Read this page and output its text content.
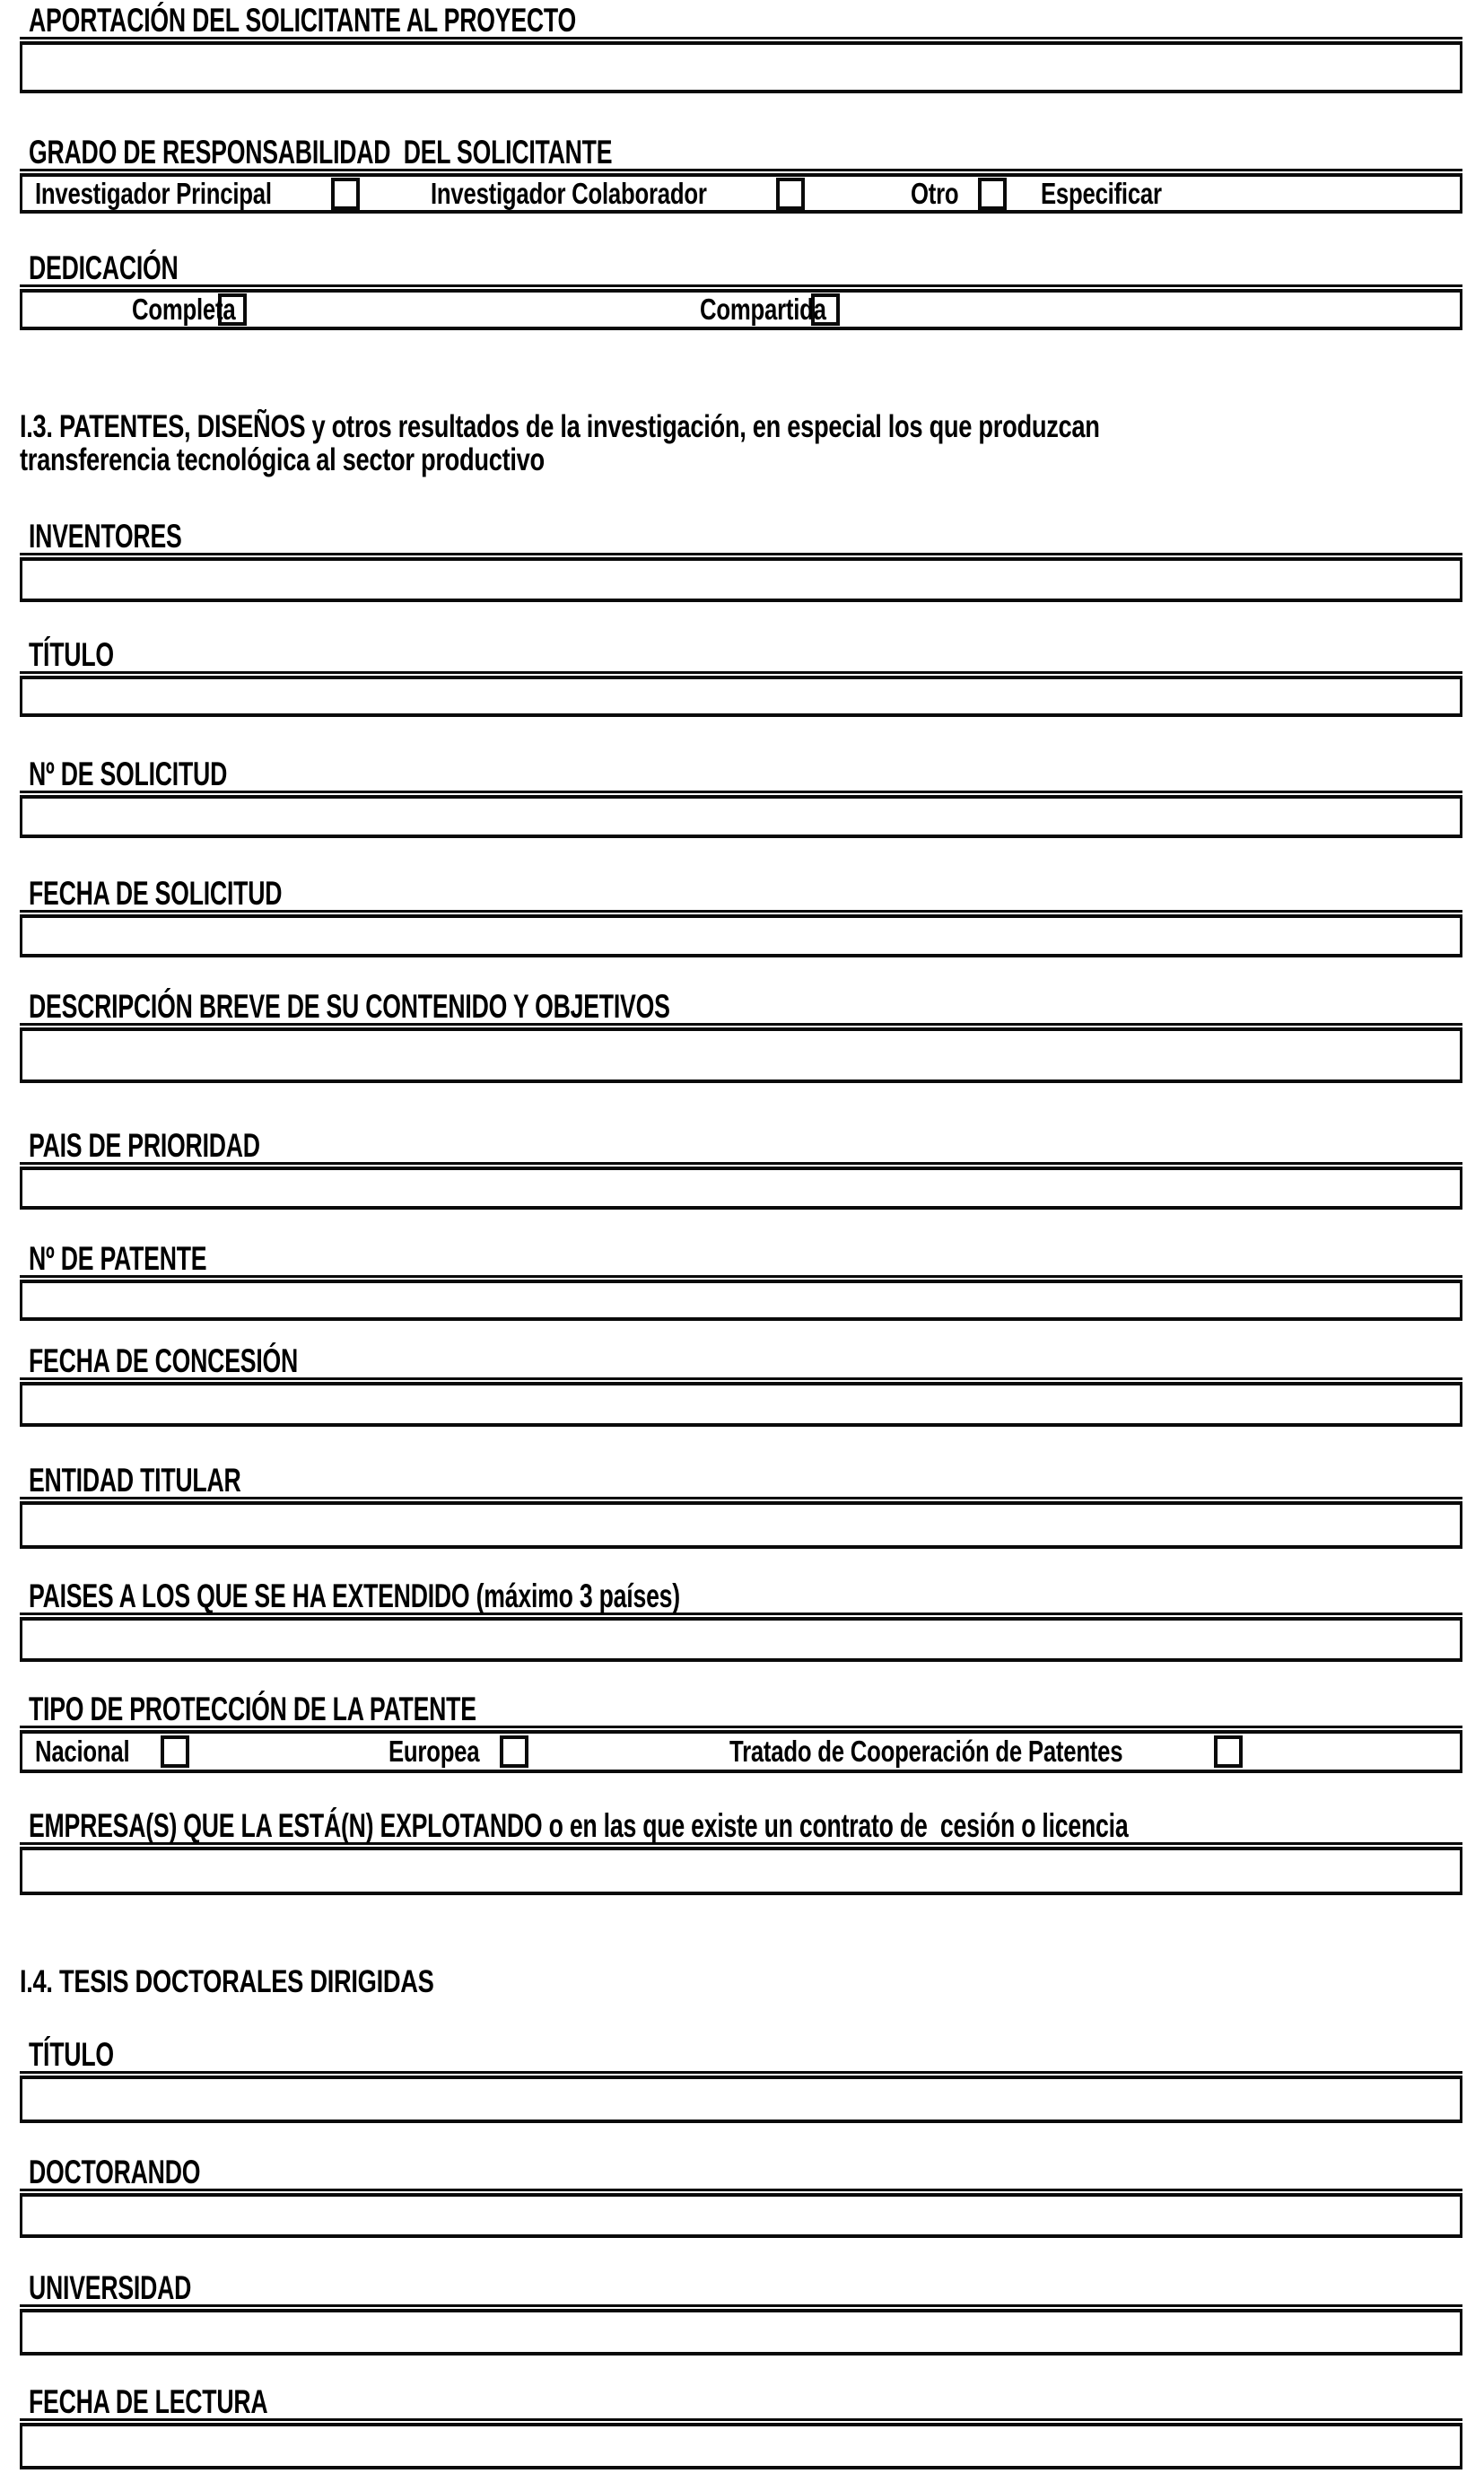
APORTACIÓN DEL SOLICITANTE AL PROYECTO
GRADO DE RESPONSABILIDAD  DEL SOLICITANTE
Investigador Principal	Investigador Colaborador	Otro	Especificar
DEDICACIÓN
Completa	Compartida
I.3. PATENTES, DISEÑOS y otros resultados de la investigación, en especial los que produzcan
transferencia tecnológica al sector productivo
INVENTORES
TÍTULO
Nº DE SOLICITUD
FECHA DE SOLICITUD
DESCRIPCIÓN BREVE DE SU CONTENIDO Y OBJETIVOS
PAIS DE PRIORIDAD
Nº DE PATENTE
FECHA DE CONCESIÓN
ENTIDAD TITULAR
PAISES A LOS QUE SE HA EXTENDIDO (máximo 3 países)
TIPO DE PROTECCIÓN DE LA PATENTE
Nacional	Europea	Tratado de Cooperación de Patentes
EMPRESA(S) QUE LA ESTÁ(N) EXPLOTANDO o en las que existe un contrato de  cesión o licencia
I.4. TESIS DOCTORALES DIRIGIDAS
TÍTULO
DOCTORANDO
UNIVERSIDAD
FECHA DE LECTURA
